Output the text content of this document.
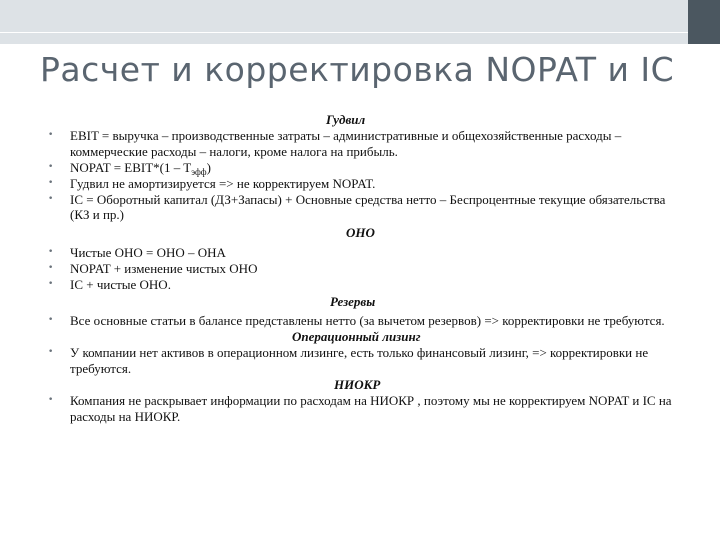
Расчет и корректировка NOPAT и IC
Гудвил
• EBIT = выручка – производственные затраты – административные и общехозяйственные расходы – коммерческие расходы – налоги, кроме налога на прибыль.
• NOPAT = EBIT*(1 – $T_{эфф}$)
• Гудвил не амортизируется => не корректируем NOPAT.
• IC = Оборотный капитал (ДЗ+Запасы) + Основные средства нетто – Беспроцентные текущие обязательства (КЗ и пр.)
ОНО
• Чистые ОНО = ОНО – ОНА
• NOPAT + изменение чистых ОНО
• IC + чистые ОНО.
Резервы
• Все основные статьи в балансе представлены нетто (за вычетом резервов) => корректировки не требуются.
Операционный лизинг
• У компании нет активов в операционном лизинге, есть только финансовый лизинг, => корректировки не требуются.
НИОКР
• Компания не раскрывает информации по расходам на НИОКР , поэтому мы не корректируем NOPAT и IC на расходы на НИОКР.
